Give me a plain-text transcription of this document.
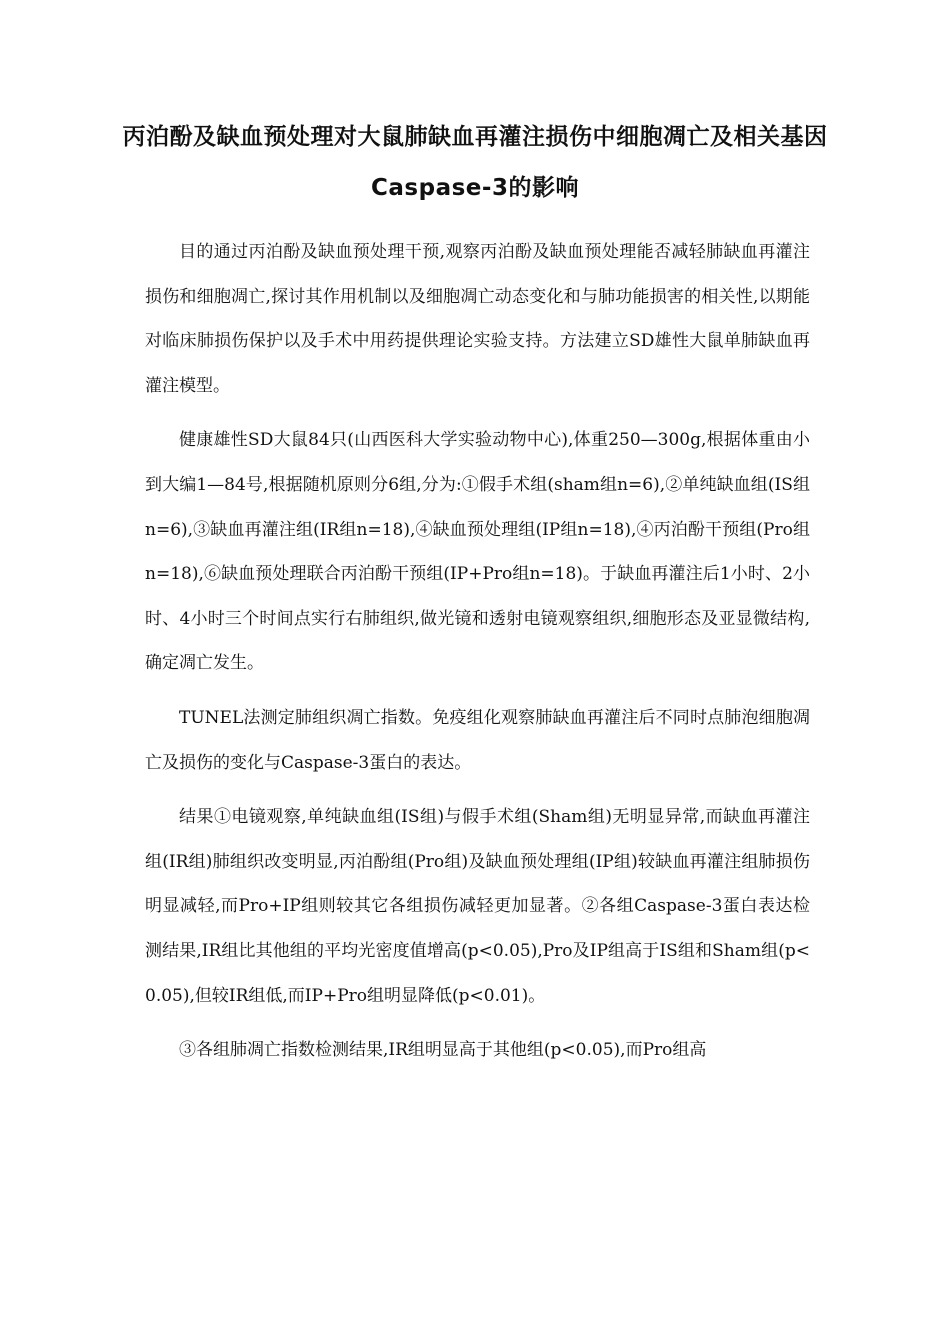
丙泊酚及缺血预处理对大鼠肺缺血再灌注损伤中细胞凋亡及相关基因Caspase-3的影响

目的通过丙泊酚及缺血预处理干预,观察丙泊酚及缺血预处理能否减轻肺缺血再灌注损伤和细胞凋亡,探讨其作用机制以及细胞凋亡动态变化和与肺功能损害的相关性,以期能对临床肺损伤保护以及手术中用药提供理论实验支持。方法建立SD雄性大鼠单肺缺血再灌注模型。

健康雄性SD大鼠84只(山西医科大学实验动物中心),体重250—300g,根据体重由小到大编1—84号,根据随机原则分6组,分为:①假手术组(sham组n=6),②单纯缺血组(IS组n=6),③缺血再灌注组(IR组n=18),④缺血预处理组(IP组n=18),④丙泊酚干预组(Pro组n=18),⑥缺血预处理联合丙泊酚干预组(IP+Pro组n=18)。于缺血再灌注后1小时、2小时、4小时三个时间点实行右肺组织,做光镜和透射电镜观察组织,细胞形态及亚显微结构,确定凋亡发生。

TUNEL法测定肺组织凋亡指数。免疫组化观察肺缺血再灌注后不同时点肺泡细胞凋亡及损伤的变化与Caspase-3蛋白的表达。

结果①电镜观察,单纯缺血组(IS组)与假手术组(Sham组)无明显异常,而缺血再灌注组(IR组)肺组织改变明显,丙泊酚组(Pro组)及缺血预处理组(IP组)较缺血再灌注组肺损伤明显减轻,而Pro+IP组则较其它各组损伤减轻更加显著。②各组Caspase-3蛋白表达检测结果,IR组比其他组的平均光密度值增高(p<0.05),Pro及IP组高于IS组和Sham组(p<0.05),但较IR组低,而IP+Pro组明显降低(p<0.01)。

③各组肺凋亡指数检测结果,IR组明显高于其他组(p<0.05),而Pro组高
